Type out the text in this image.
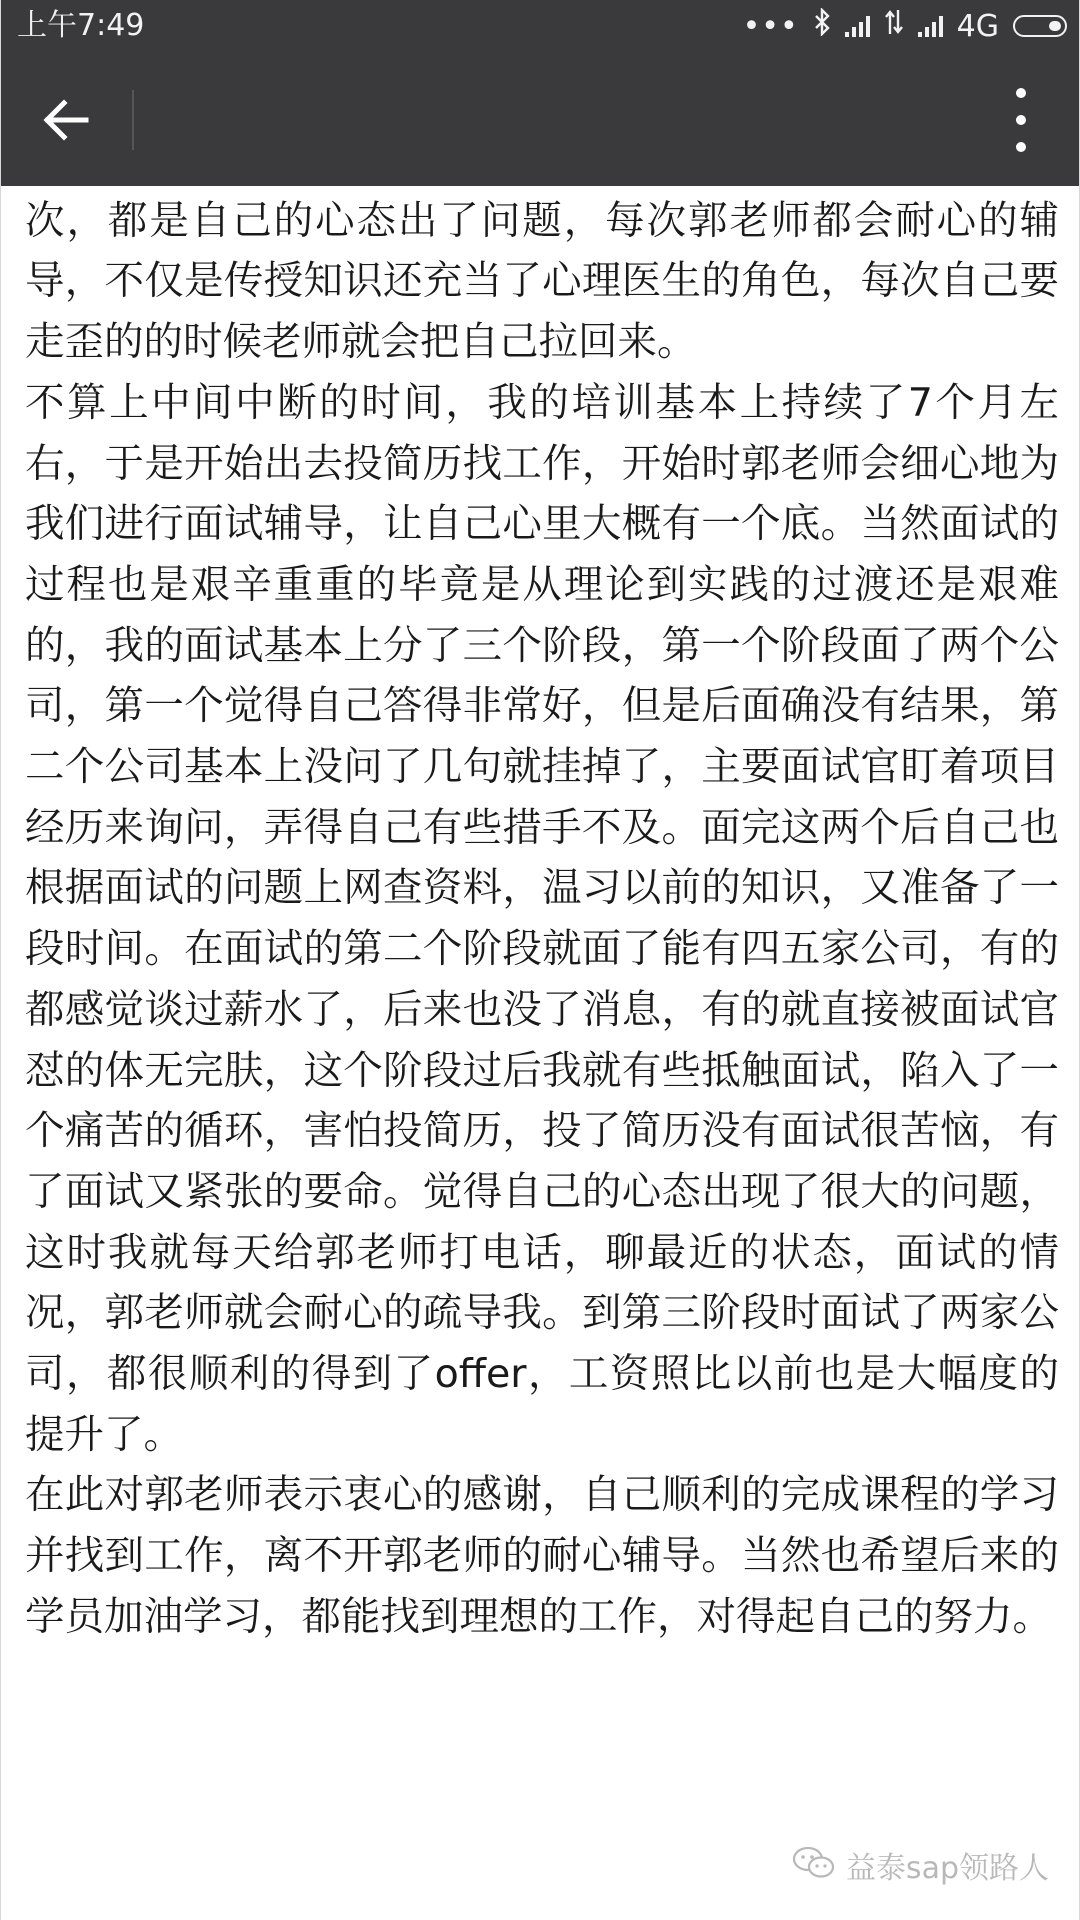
上午7:49	•••	4G

次，都是自己的心态出了问题，每次郭老师都会耐心的辅导，不仅是传授知识还充当了心理医生的角色，每次自己要走歪的的时候老师就会把自己拉回来。

不算上中间中断的时间，我的培训基本上持续了7个月左右，于是开始出去投简历找工作，开始时郭老师会细心地为我们进行面试辅导，让自己心里大概有一个底。当然面试的过程也是艰辛重重的毕竟是从理论到实践的过渡还是艰难的，我的面试基本上分了三个阶段，第一个阶段面了两个公司，第一个觉得自己答得非常好，但是后面确没有结果，第二个公司基本上没问了几句就挂掉了，主要面试官盯着项目经历来询问，弄得自己有些措手不及。面完这两个后自己也根据面试的问题上网查资料，温习以前的知识，又准备了一段时间。在面试的第二个阶段就面了能有四五家公司，有的都感觉谈过薪水了，后来也没了消息，有的就直接被面试官怼的体无完肤，这个阶段过后我就有些抵触面试，陷入了一个痛苦的循环，害怕投简历，投了简历没有面试很苦恼，有了面试又紧张的要命。觉得自己的心态出现了很大的问题，这时我就每天给郭老师打电话，聊最近的状态，面试的情况，郭老师就会耐心的疏导我。到第三阶段时面试了两家公司，都很顺利的得到了offer，工资照比以前也是大幅度的提升了。

在此对郭老师表示衷心的感谢，自己顺利的完成课程的学习并找到工作，离不开郭老师的耐心辅导。当然也希望后来的学员加油学习，都能找到理想的工作，对得起自己的努力。

益泰sap领路人
